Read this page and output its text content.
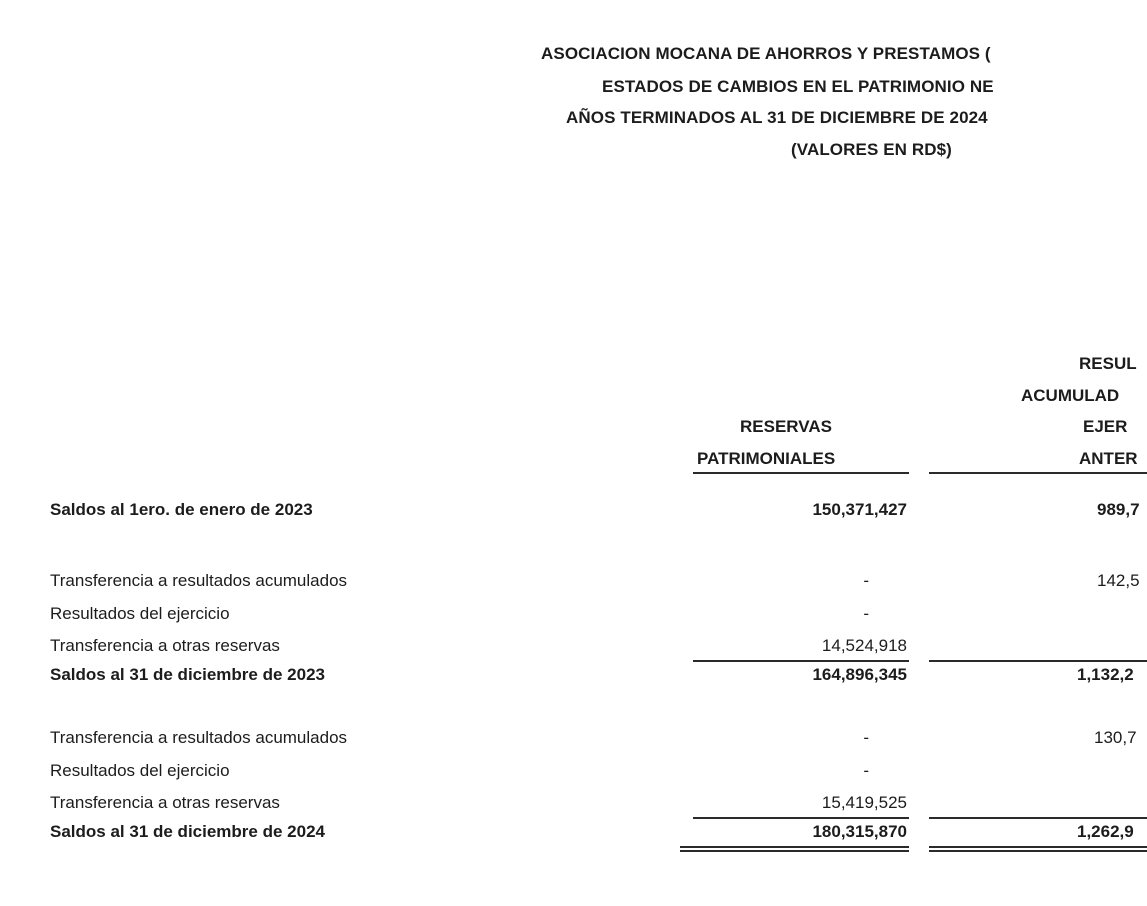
ASOCIACION MOCANA DE AHORROS Y PRESTAMOS (
ESTADOS DE CAMBIOS EN EL PATRIMONIO NE
AÑOS TERMINADOS AL 31 DE DICIEMBRE DE 2024
(VALORES EN RD$)
RESERVAS
PATRIMONIALES
RESUL
ACUMULAD
EJER
ANTER
Saldos al 1ero. de enero de 2023	150,371,427	989,7
Transferencia a resultados acumulados	-	142,5
Resultados del ejercicio	-
Transferencia a otras reservas	14,524,918
Saldos al 31 de diciembre de 2023	164,896,345	1,132,2
Transferencia a resultados acumulados	-	130,7
Resultados del ejercicio	-
Transferencia a otras reservas	15,419,525
Saldos al 31 de diciembre de 2024	180,315,870	1,262,9
